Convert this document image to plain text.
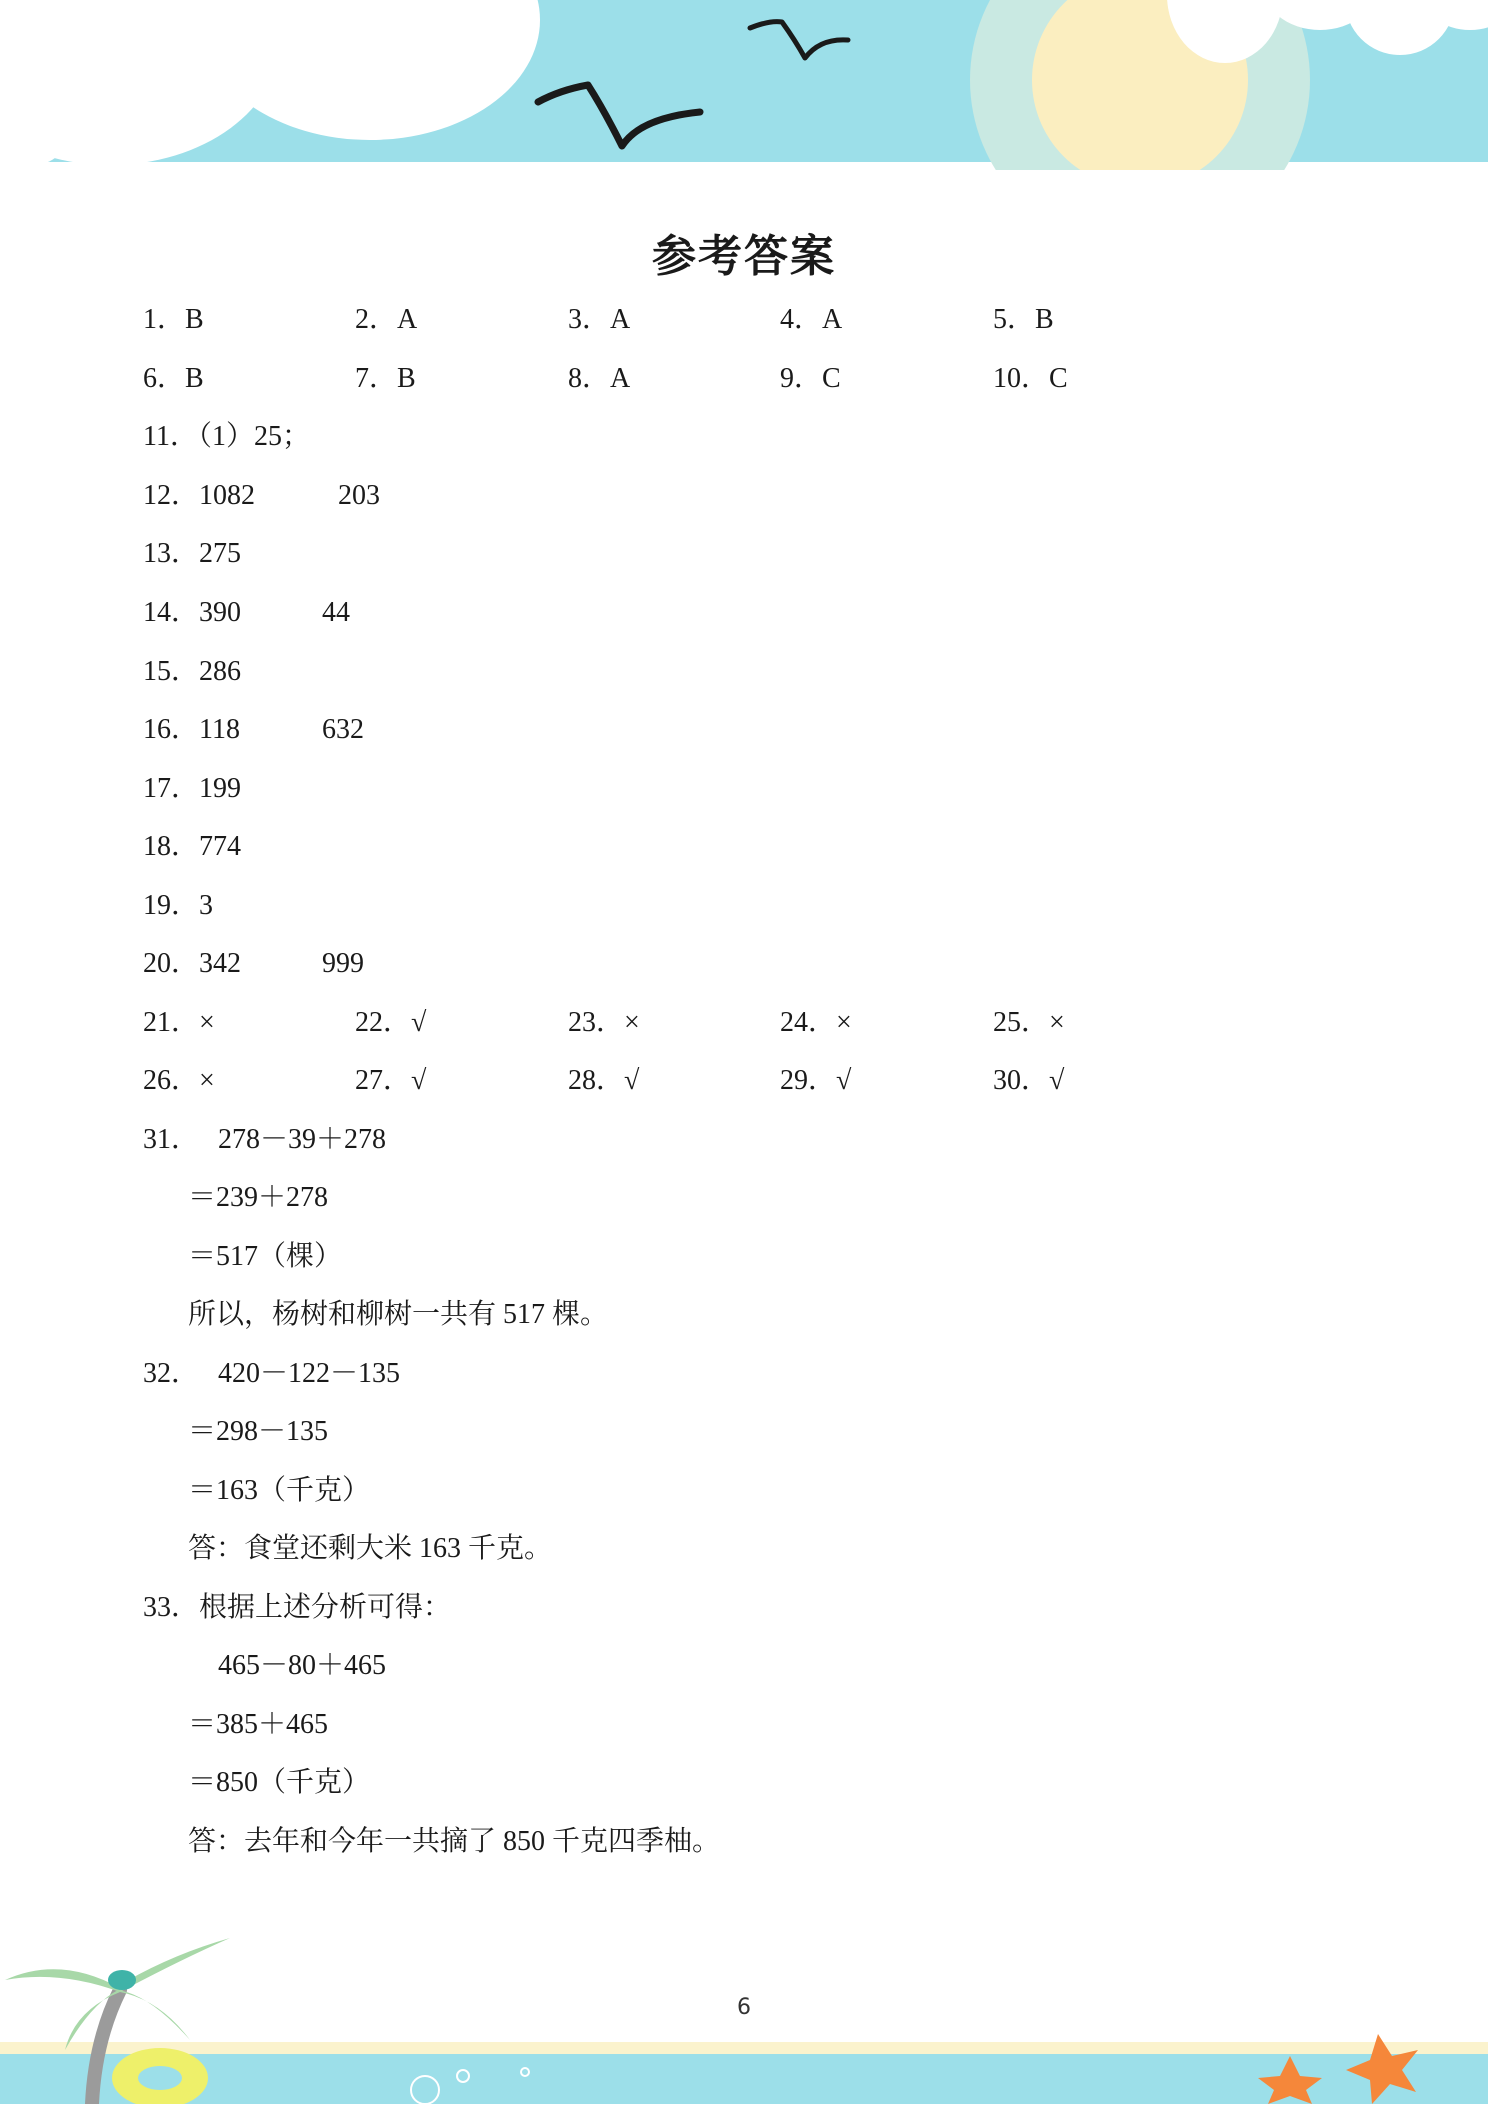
参考答案
1．B	2．A	3．A	4．A	5．B
6．B	7．B	8．A	9．C	10．C
11．（1）25；
12．1082	203
13．275
14．390	44
15．286
16．118	632
17．199
18．774
19．3
20．342	999
21．×	22．√	23．×	24．×	25．×
26．×	27．√	28．√	29．√	30．√
31． 278－39＋278
＝239＋278
＝517（棵）
所以，杨树和柳树一共有 517 棵。
32． 420－122－135
＝298－135
＝163（千克）
答：食堂还剩大米 163 千克。
33．根据上述分析可得：
465－80＋465
＝385＋465
＝850（千克）
答：去年和今年一共摘了 850 千克四季柚。
6
